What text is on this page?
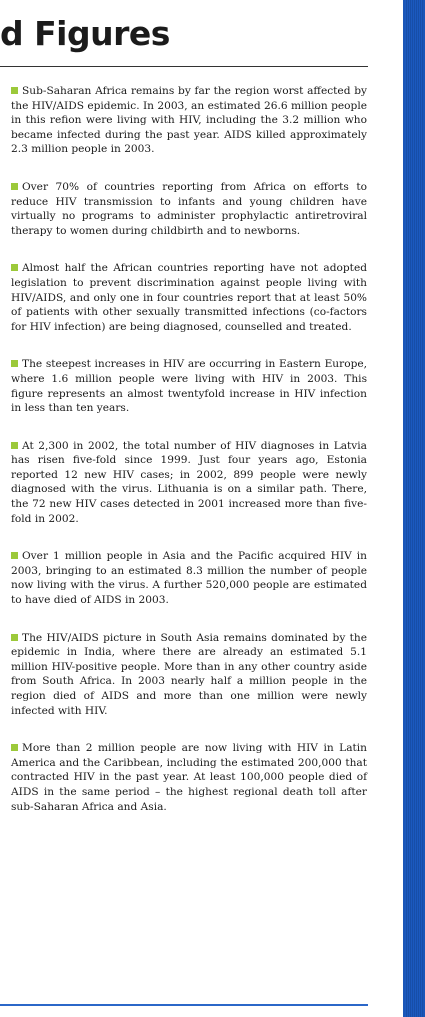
d Figures

Sub-Saharan Africa remains by far the region worst affected by the HIV/AIDS epidemic. In 2003, an estimated 26.6 million people in this refion were living with HIV, including the 3.2 million who became infected during the past year. AIDS killed approximately 2.3 million people in 2003.

Over 70% of countries reporting from Africa on efforts to reduce HIV transmission to infants and young children have virtually no programs to administer prophylactic antiretroviral therapy to women during childbirth and to newborns.

Almost half the African countries reporting have not adopted legislation to prevent discrimination against people living with HIV/AIDS, and only one in four countries report that at least 50% of patients with other sexually transmitted infections (co-factors for HIV infection) are being diagnosed, counselled and treated.

The steepest increases in HIV are occurring in Eastern Europe, where 1.6 million people were living with HIV in 2003. This figure represents an almost twentyfold increase in HIV infection in less than ten years.

At 2,300 in 2002, the total number of HIV diagnoses in Latvia has risen five-fold since 1999. Just four years ago, Estonia reported 12 new HIV cases; in 2002, 899 people were newly diagnosed with the virus. Lithuania is on a similar path. There, the 72 new HIV cases detected in 2001 increased more than five-fold in 2002.

Over 1 million people in Asia and the Pacific acquired HIV in 2003, bringing to an estimated 8.3 million the number of people now living with the virus. A further 520,000 people are estimated to have died of AIDS in 2003.

The HIV/AIDS picture in South Asia remains dominated by the epidemic in India, where there are already an estimated 5.1 million HIV-positive people. More than in any other country aside from South Africa. In 2003 nearly half a million people in the region died of AIDS and more than one million were newly infected with HIV.

More than 2 million people are now living with HIV in Latin America and the Caribbean, including the estimated 200,000 that contracted HIV in the past year. At least 100,000 people died of AIDS in the same period – the highest regional death toll after sub-Saharan Africa and Asia.
